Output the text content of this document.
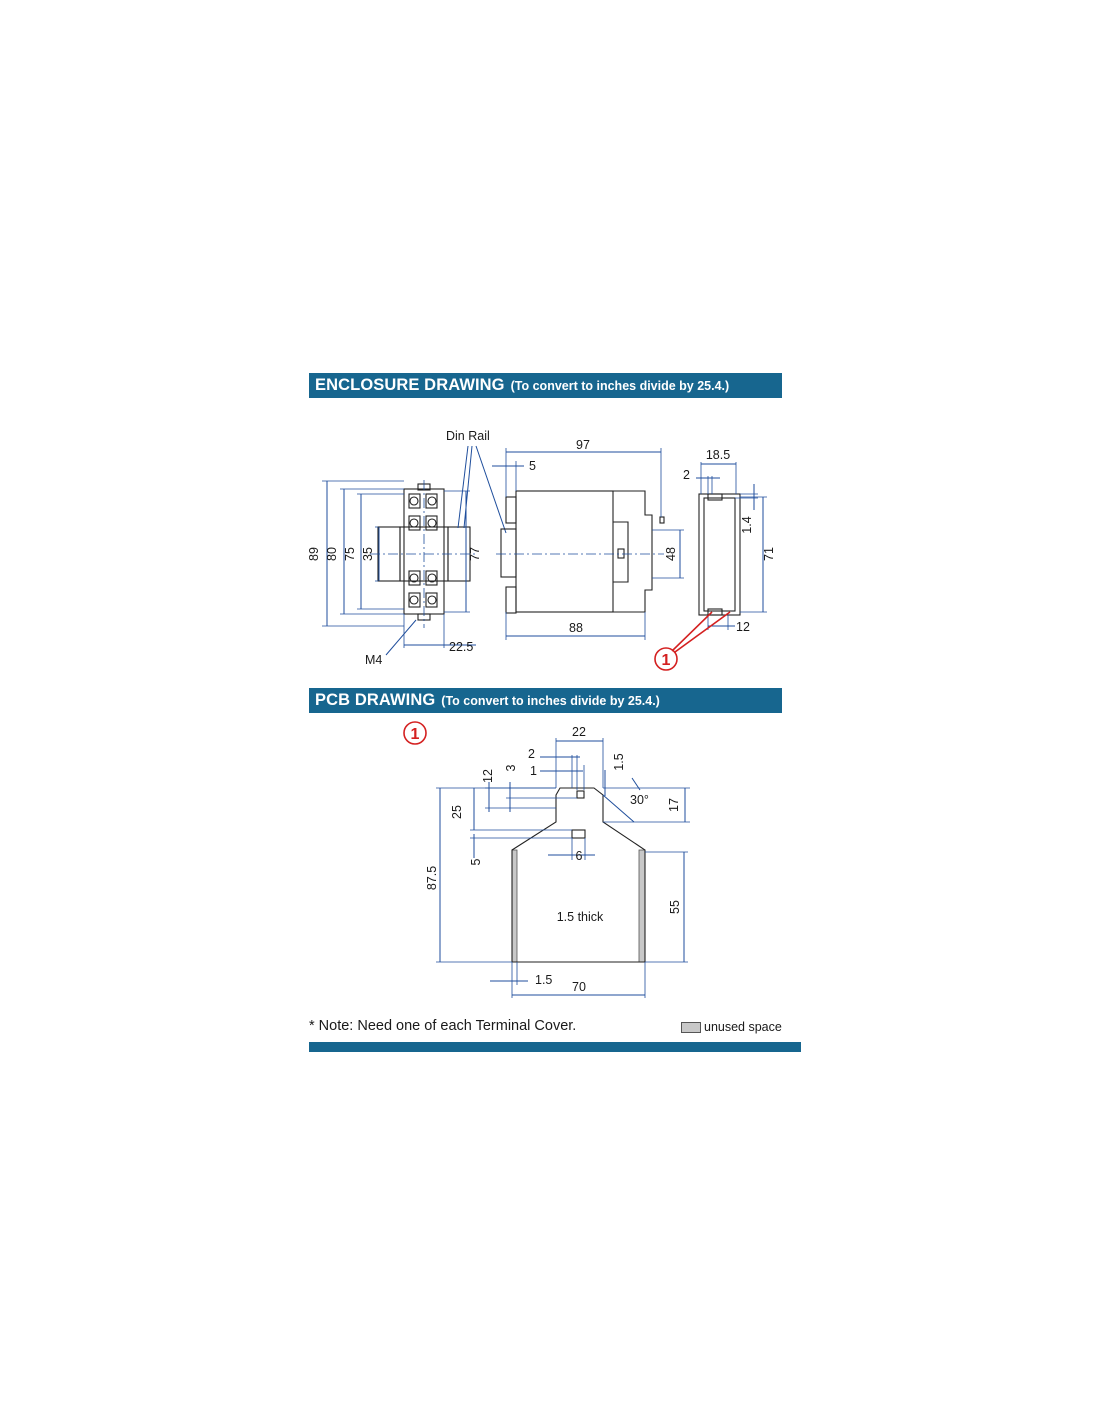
ENCLOSURE DRAWING (To convert to inches divide by 25.4.)
PCB DRAWING (To convert to inches divide by 25.4.)
89 80 75 35	77
22.5
M4
Din Rail
97
5
48
88
18.5
2
1.4
71
12
1
1	22
2
1
1.5
12
3
30° 17
25
5	6
87.5
1.5 thick
55
1.5 70
* Note: Need one of each Terminal Cover.	unused space
